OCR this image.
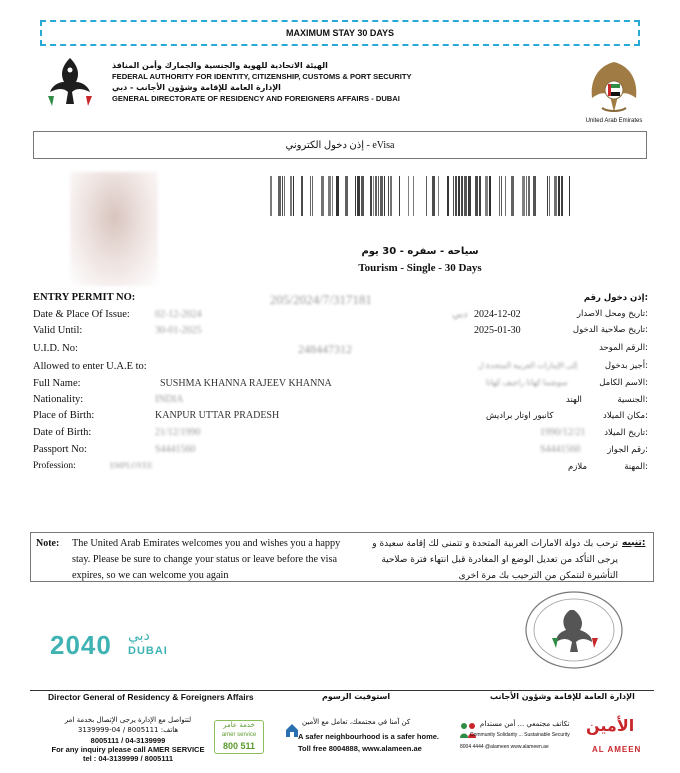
MAXIMUM STAY 30 DAYS
الهيئة الاتحادية للهوية والجنسية والجمارك وأمن المنافذ
FEDERAL AUTHORITY FOR IDENTITY, CITIZENSHIP, CUSTOMS & PORT SECURITY
الإدارة العامة للإقامة وشؤون الأجانب - دبي
GENERAL DIRECTORATE OF RESIDENCY AND FOREIGNERS AFFAIRS - DUBAI
United Arab Emirates
إذن دخول الكتروني - eVisa
سياحه - سفره - 30 يوم
Tourism - Single - 30 Days
ENTRY PERMIT NO:	205/2024/7/317181	إذن دخول رقم:
Date & Place Of Issue:	02-12-2024	دبي 2024-12-02	تاريخ ومحل الاصدار:
Valid Until:	30-01-2025	2025-01-30	تاريخ صلاحية الدخول:
U.I.D. No:	248447312	الرقم الموحد:
Allowed to enter U.A.E to:	إلى الإمارات العربية المتحدة ل	أجيز بدخول:
Full Name:	SUSHMA KHANNA RAJEEV KHANNA	سوشما كهانا راجيف كهانا	الاسم الكامل:
Nationality:	INDIA	الهند	الجنسية:
Place of Birth:	KANPUR UTTAR PRADESH	كانبور اوتار براديش	مكان الميلاد:
Date of Birth:	21/12/1990	1990/12/21 تاريخ الميلاد:
Passport No:	S4441560	S4441560	رقم الجواز:
Profession:	EMPLOYEE	ملازم	المهنة:
Note: The United Arab Emirates welcomes you and wishes you a happy stay. Please be sure to change your status or leave before the visa expires, so we can welcome you again
ترحب بك دولة الامارات العربية المتحدة و تتمنى لك إقامة سعيدة و يرجى التأكد من تعديل الوضع او المغادرة قبل انتهاء فترة صلاحية التأشيرة لنتمكن من الترحيب بك مرة اخرى
تنبيه:
2040 دبي
DUBAI
Director General of Residency & Foreigners Affairs	استوفيت الرسوم	الإدارة العامة للإقامة وشؤون الأجانب
لتتواصل مع الإدارة يرجى الإتصال بخدمة امر
هاتف: 8005111 / 04-3139999
8005111 / 04-3139999
For any inquiry please call AMER SERVICE
tel : 04-3139999 / 8005111
خدمة عامر
amer service
800 511
كن آمنا في مجتمعك، تعامل مع الأمين
A safer neighbourhood is a safer home.
Toll free 8004888, www.alameen.ae
تكاتف مجتمعي ... أمن مستدام
Community Solidarity ... Sustainable Security
8004 4444 @alameen www.alameen.ae
الأمين
AL AMEEN
